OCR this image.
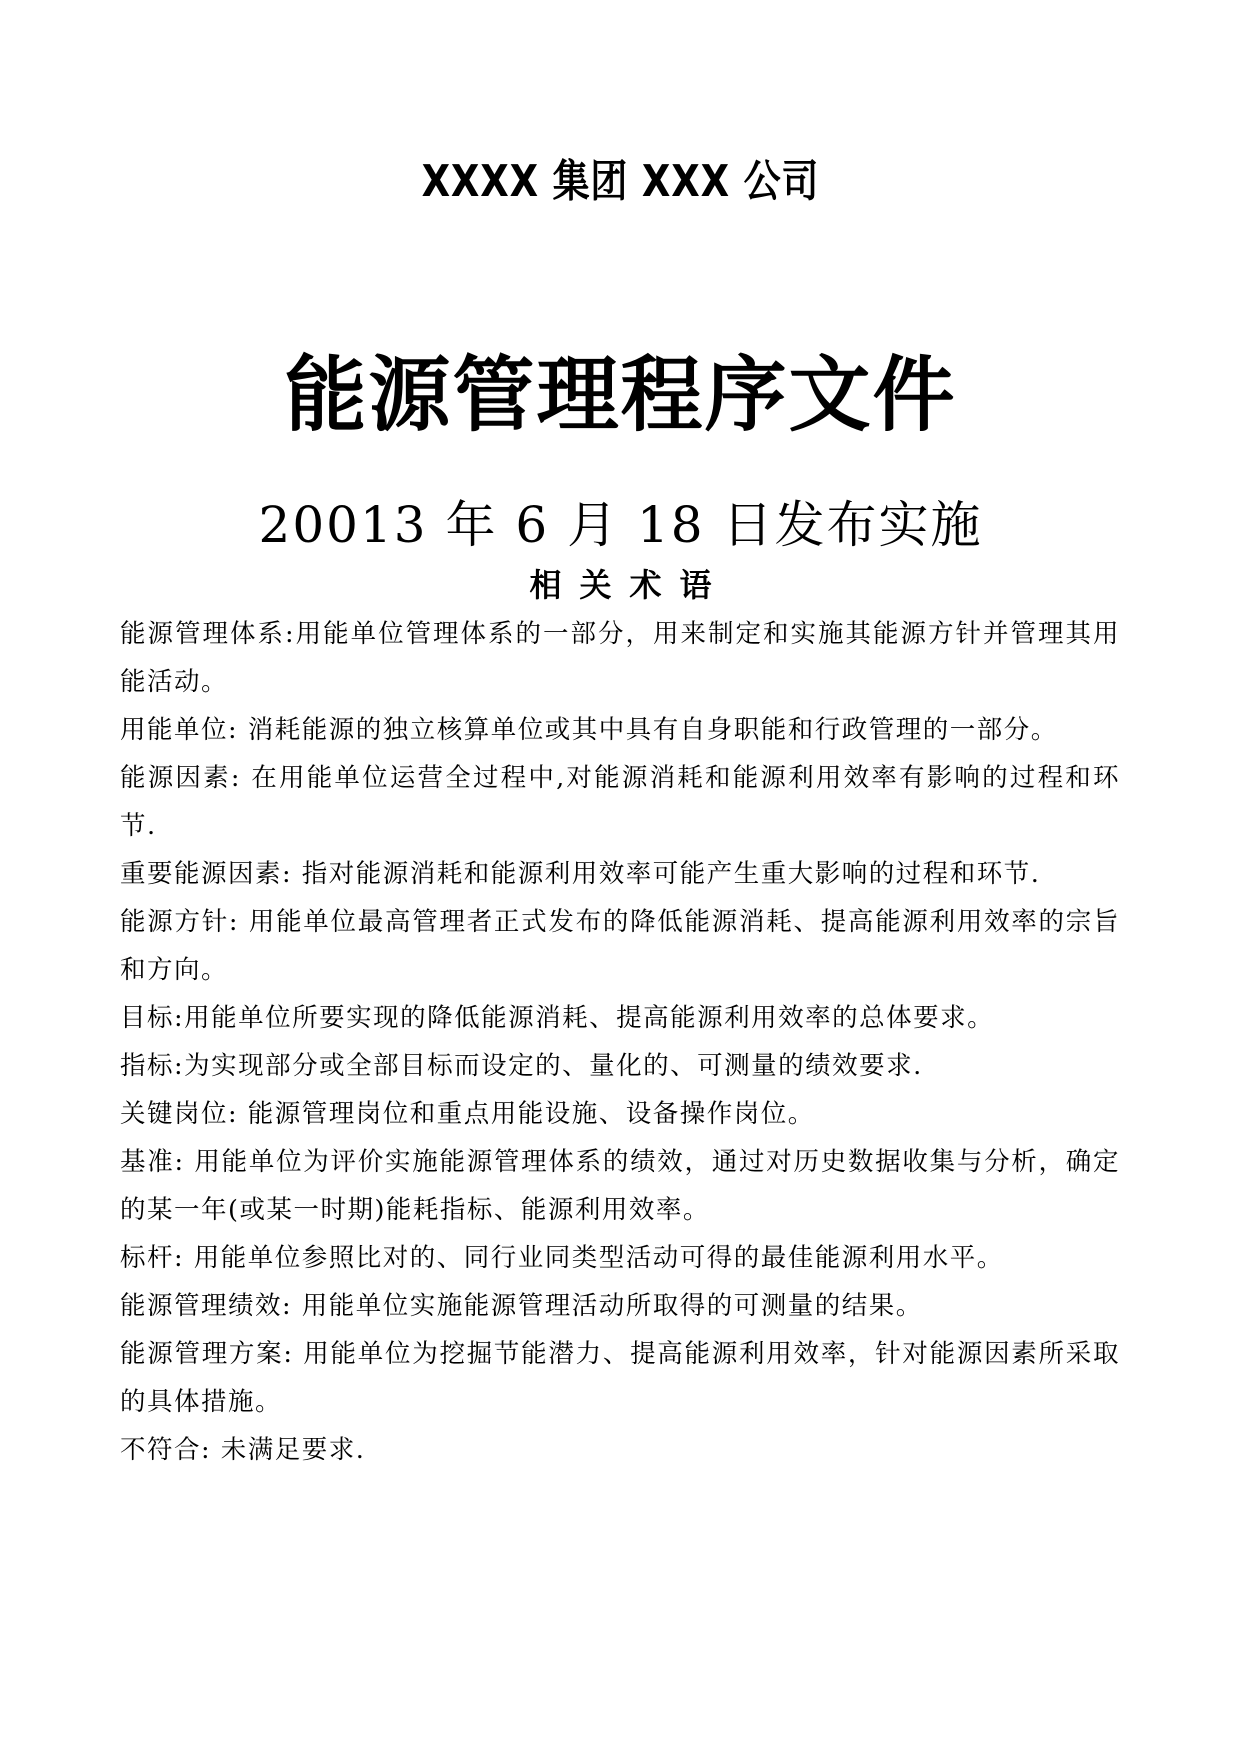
XXXX 集团 XXX 公司
能源管理程序文件
20013 年 6 月 18 日发布实施
相关术语

能源管理体系:用能单位管理体系的一部分，用来制定和实施其能源方针并管理其用能活动。

用能单位: 消耗能源的独立核算单位或其中具有自身职能和行政管理的一部分。

能源因素: 在用能单位运营全过程中,对能源消耗和能源利用效率有影响的过程和环节.

重要能源因素: 指对能源消耗和能源利用效率可能产生重大影响的过程和环节.

能源方针: 用能单位最高管理者正式发布的降低能源消耗、提高能源利用效率的宗旨和方向。

目标:用能单位所要实现的降低能源消耗、提高能源利用效率的总体要求。

指标:为实现部分或全部目标而设定的、量化的、可测量的绩效要求.

关键岗位: 能源管理岗位和重点用能设施、设备操作岗位。

基准: 用能单位为评价实施能源管理体系的绩效，通过对历史数据收集与分析，确定的某一年(或某一时期)能耗指标、能源利用效率。

标杆: 用能单位参照比对的、同行业同类型活动可得的最佳能源利用水平。

能源管理绩效: 用能单位实施能源管理活动所取得的可测量的结果。

能源管理方案: 用能单位为挖掘节能潜力、提高能源利用效率，针对能源因素所采取的具体措施。

不符合: 未满足要求.
